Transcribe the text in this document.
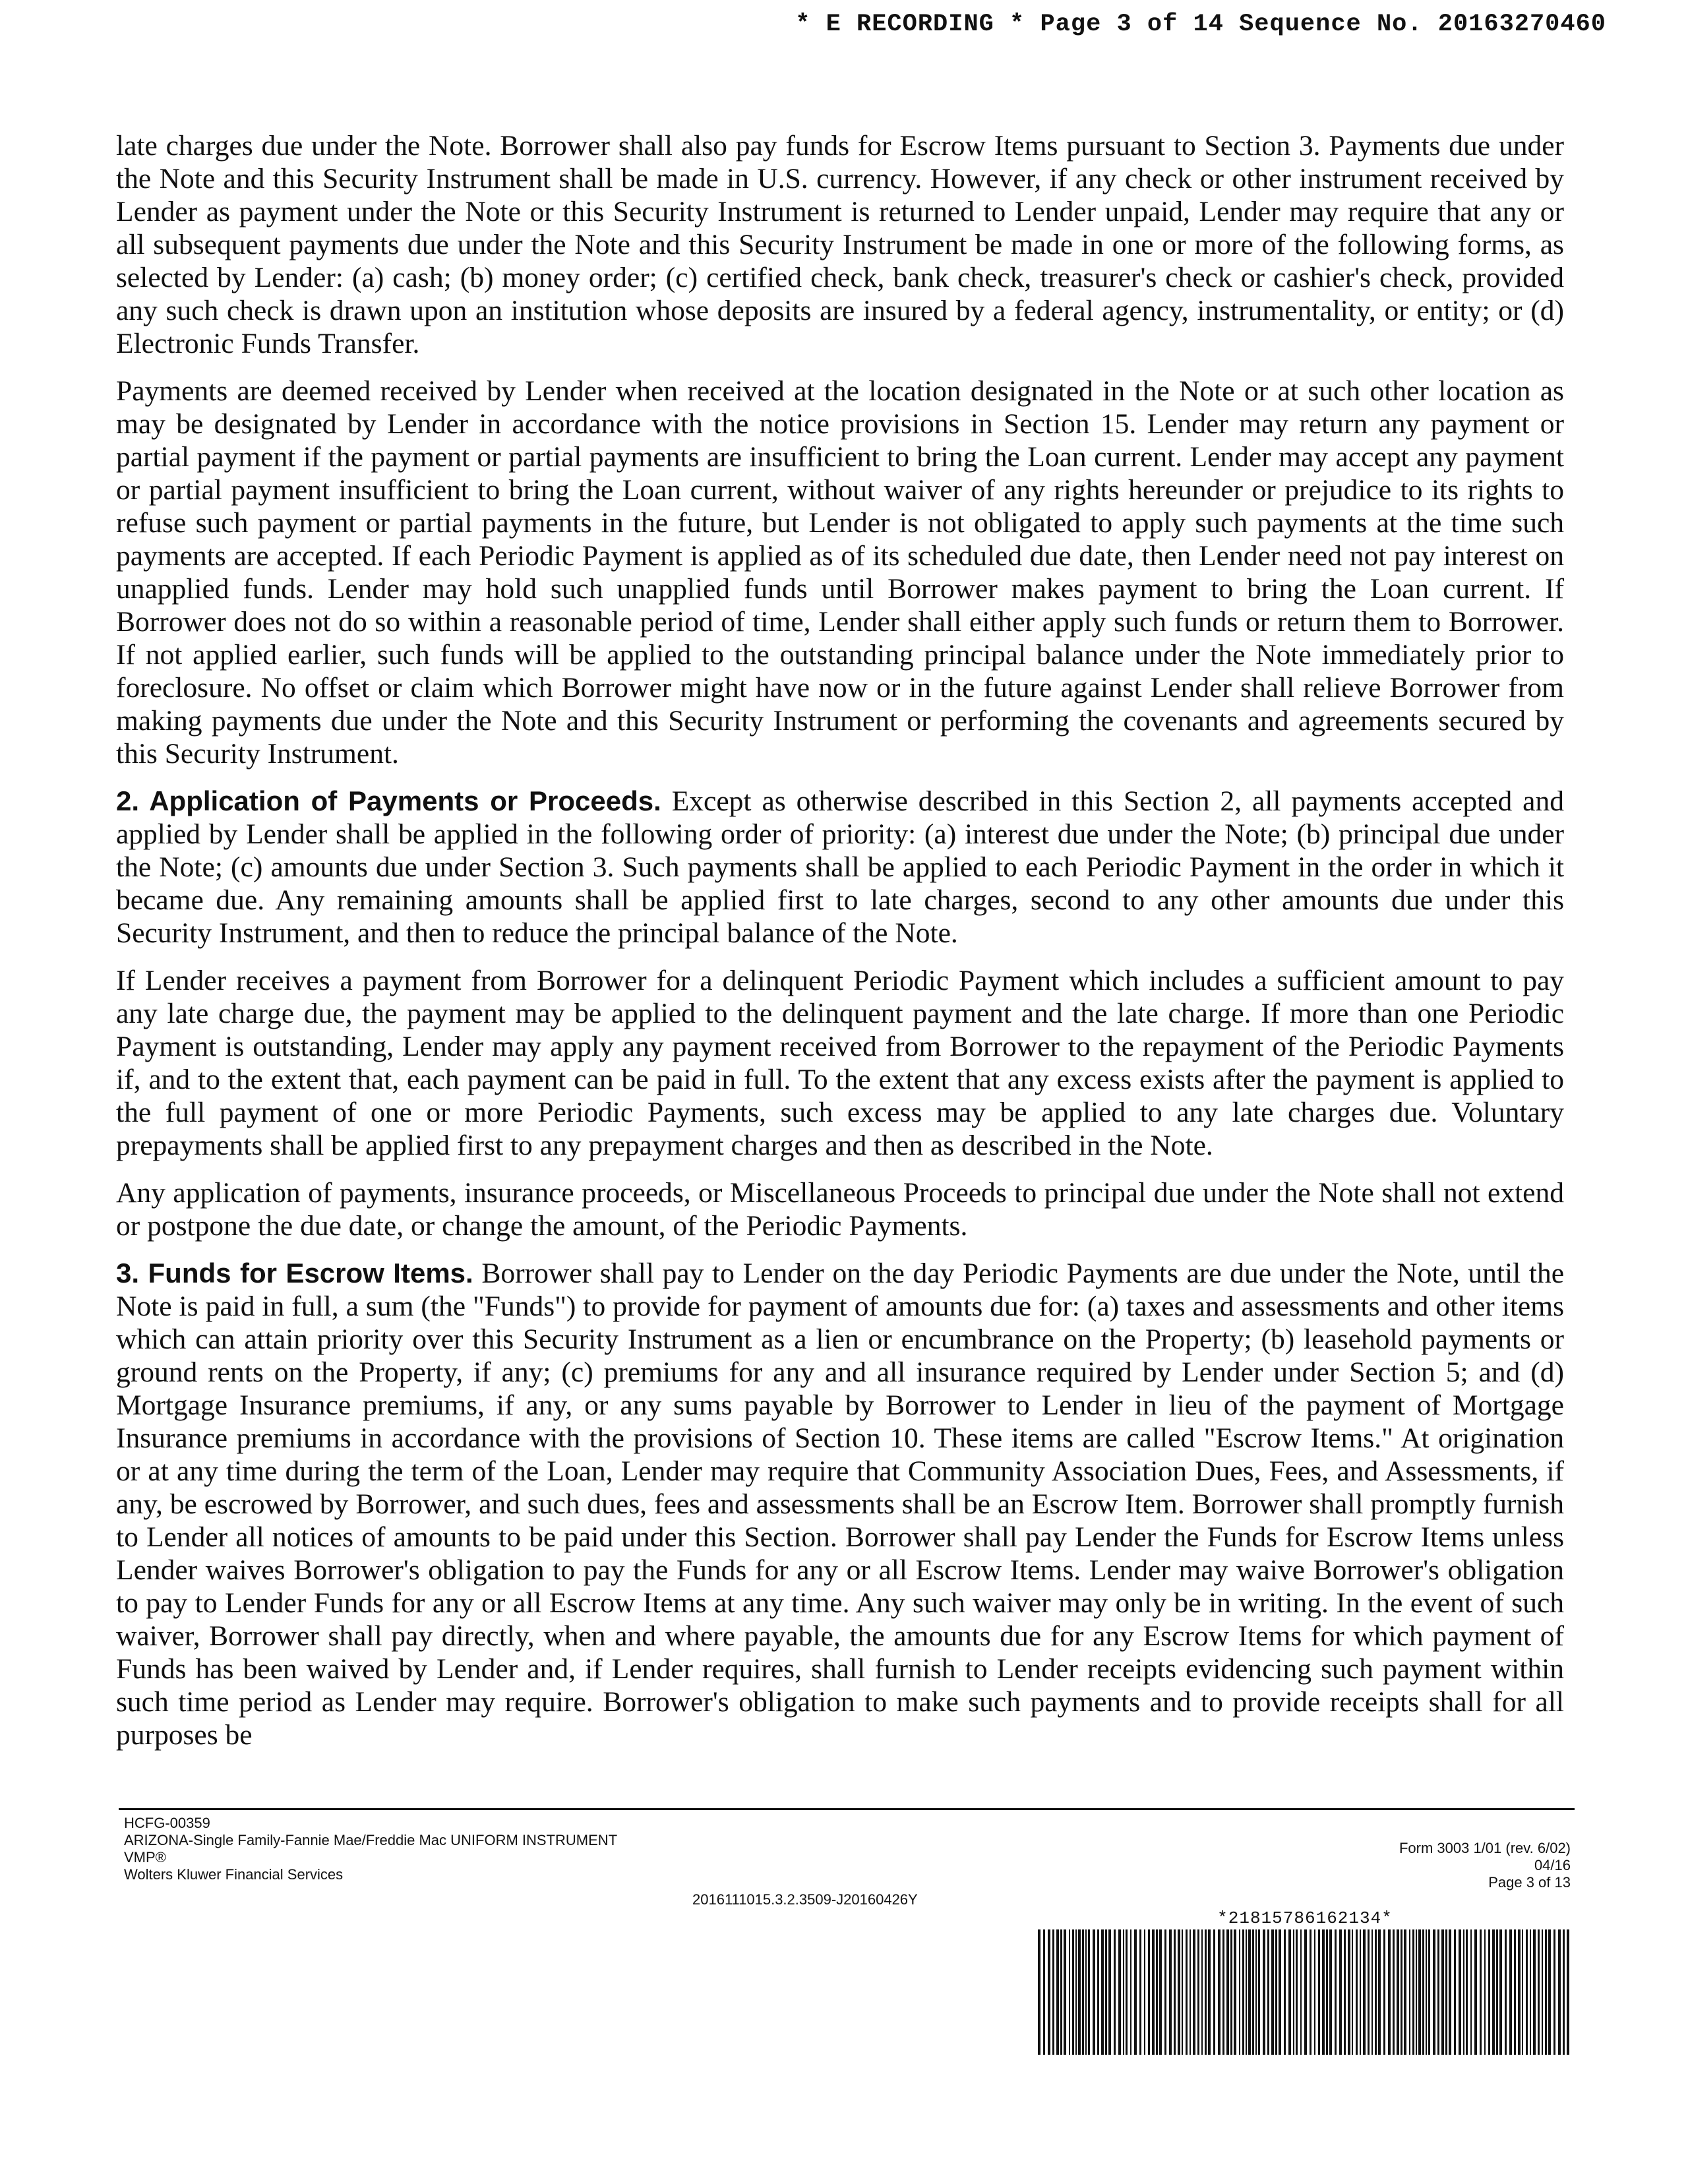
* E RECORDING * Page 3 of 14 Sequence No. 20163270460

late charges due under the Note. Borrower shall also pay funds for Escrow Items pursuant to Section 3. Payments due under the Note and this Security Instrument shall be made in U.S. currency. However, if any check or other instrument received by Lender as payment under the Note or this Security Instrument is returned to Lender unpaid, Lender may require that any or all subsequent payments due under the Note and this Security Instrument be made in one or more of the following forms, as selected by Lender: (a) cash; (b) money order; (c) certified check, bank check, treasurer's check or cashier's check, provided any such check is drawn upon an institution whose deposits are insured by a federal agency, instrumentality, or entity; or (d) Electronic Funds Transfer.

Payments are deemed received by Lender when received at the location designated in the Note or at such other location as may be designated by Lender in accordance with the notice provisions in Section 15. Lender may return any payment or partial payment if the payment or partial payments are insufficient to bring the Loan current. Lender may accept any payment or partial payment insufficient to bring the Loan current, without waiver of any rights hereunder or prejudice to its rights to refuse such payment or partial payments in the future, but Lender is not obligated to apply such payments at the time such payments are accepted. If each Periodic Payment is applied as of its scheduled due date, then Lender need not pay interest on unapplied funds. Lender may hold such unapplied funds until Borrower makes payment to bring the Loan current. If Borrower does not do so within a reasonable period of time, Lender shall either apply such funds or return them to Borrower. If not applied earlier, such funds will be applied to the outstanding principal balance under the Note immediately prior to foreclosure. No offset or claim which Borrower might have now or in the future against Lender shall relieve Borrower from making payments due under the Note and this Security Instrument or performing the covenants and agreements secured by this Security Instrument.

2. Application of Payments or Proceeds. Except as otherwise described in this Section 2, all payments accepted and applied by Lender shall be applied in the following order of priority: (a) interest due under the Note; (b) principal due under the Note; (c) amounts due under Section 3. Such payments shall be applied to each Periodic Payment in the order in which it became due. Any remaining amounts shall be applied first to late charges, second to any other amounts due under this Security Instrument, and then to reduce the principal balance of the Note.

If Lender receives a payment from Borrower for a delinquent Periodic Payment which includes a sufficient amount to pay any late charge due, the payment may be applied to the delinquent payment and the late charge. If more than one Periodic Payment is outstanding, Lender may apply any payment received from Borrower to the repayment of the Periodic Payments if, and to the extent that, each payment can be paid in full. To the extent that any excess exists after the payment is applied to the full payment of one or more Periodic Payments, such excess may be applied to any late charges due. Voluntary prepayments shall be applied first to any prepayment charges and then as described in the Note.

Any application of payments, insurance proceeds, or Miscellaneous Proceeds to principal due under the Note shall not extend or postpone the due date, or change the amount, of the Periodic Payments.

3. Funds for Escrow Items. Borrower shall pay to Lender on the day Periodic Payments are due under the Note, until the Note is paid in full, a sum (the "Funds") to provide for payment of amounts due for: (a) taxes and assessments and other items which can attain priority over this Security Instrument as a lien or encumbrance on the Property; (b) leasehold payments or ground rents on the Property, if any; (c) premiums for any and all insurance required by Lender under Section 5; and (d) Mortgage Insurance premiums, if any, or any sums payable by Borrower to Lender in lieu of the payment of Mortgage Insurance premiums in accordance with the provisions of Section 10. These items are called "Escrow Items." At origination or at any time during the term of the Loan, Lender may require that Community Association Dues, Fees, and Assessments, if any, be escrowed by Borrower, and such dues, fees and assessments shall be an Escrow Item. Borrower shall promptly furnish to Lender all notices of amounts to be paid under this Section. Borrower shall pay Lender the Funds for Escrow Items unless Lender waives Borrower's obligation to pay the Funds for any or all Escrow Items. Lender may waive Borrower's obligation to pay to Lender Funds for any or all Escrow Items at any time. Any such waiver may only be in writing. In the event of such waiver, Borrower shall pay directly, when and where payable, the amounts due for any Escrow Items for which payment of Funds has been waived by Lender and, if Lender requires, shall furnish to Lender receipts evidencing such payment within such time period as Lender may require. Borrower's obligation to make such payments and to provide receipts shall for all purposes be

HCFG-00359
ARIZONA-Single Family-Fannie Mae/Freddie Mac UNIFORM INSTRUMENT
VMP®
Wolters Kluwer Financial Services
2016111015.3.2.3509-J20160426Y
Form 3003 1/01 (rev. 6/02)
04/16
Page 3 of 13
*21815786162134*
